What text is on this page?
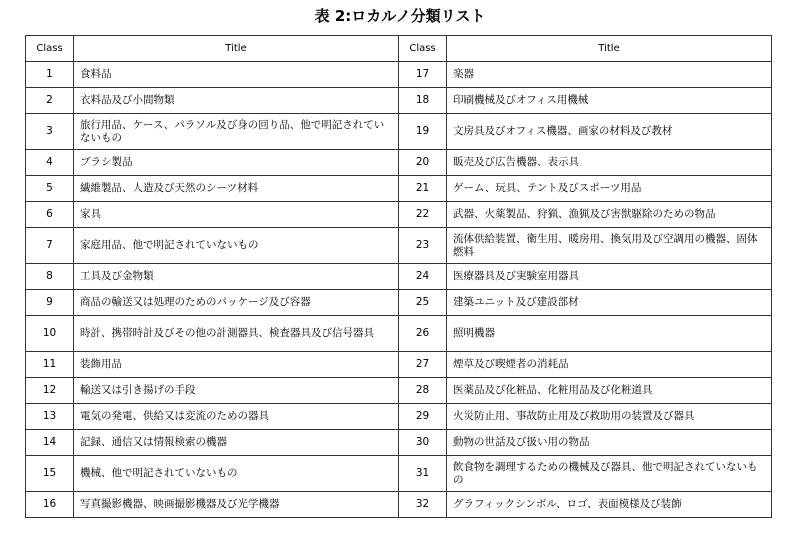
表 2:ロカルノ分類リスト
Class	Title	Class	Title
1	食料品	17	楽器
2	衣料品及び小間物類	18	印刷機械及びオフィス用機械
3	旅行用品、ケース、パラソル及び身の回り品、他で明記されていないもの	19	文房具及びオフィス機器、画家の材料及び教材
4	ブラシ製品	20	販売及び広告機器、表示具
5	繊維製品、人造及び天然のシーツ材料	21	ゲーム、玩具、テント及びスポーツ用品
6	家具	22	武器、火薬製品、狩猟、漁猟及び害獣駆除のための物品
7	家庭用品、他で明記されていないもの	23	流体供給装置、衛生用、暖房用、換気用及び空調用の機器、固体燃料
8	工具及び金物類	24	医療器具及び実験室用器具
9	商品の輸送又は処理のためのパッケージ及び容器	25	建築ユニット及び建設部材
10	時計、携帯時計及びその他の計測器具、検査器具及び信号器具	26	照明機器
11	装飾用品	27	煙草及び喫煙者の消耗品
12	輸送又は引き揚げの手段	28	医薬品及び化粧品、化粧用品及び化粧道具
13	電気の発電、供給又は変流のための器具	29	火災防止用、事故防止用及び救助用の装置及び器具
14	記録、通信又は情報検索の機器	30	動物の世話及び扱い用の物品
15	機械、他で明記されていないもの	31	飲食物を調理するための機械及び器具、他で明記されていないもの
16	写真撮影機器、映画撮影機器及び光学機器	32	グラフィックシンボル、ロゴ、表面模様及び装飾
